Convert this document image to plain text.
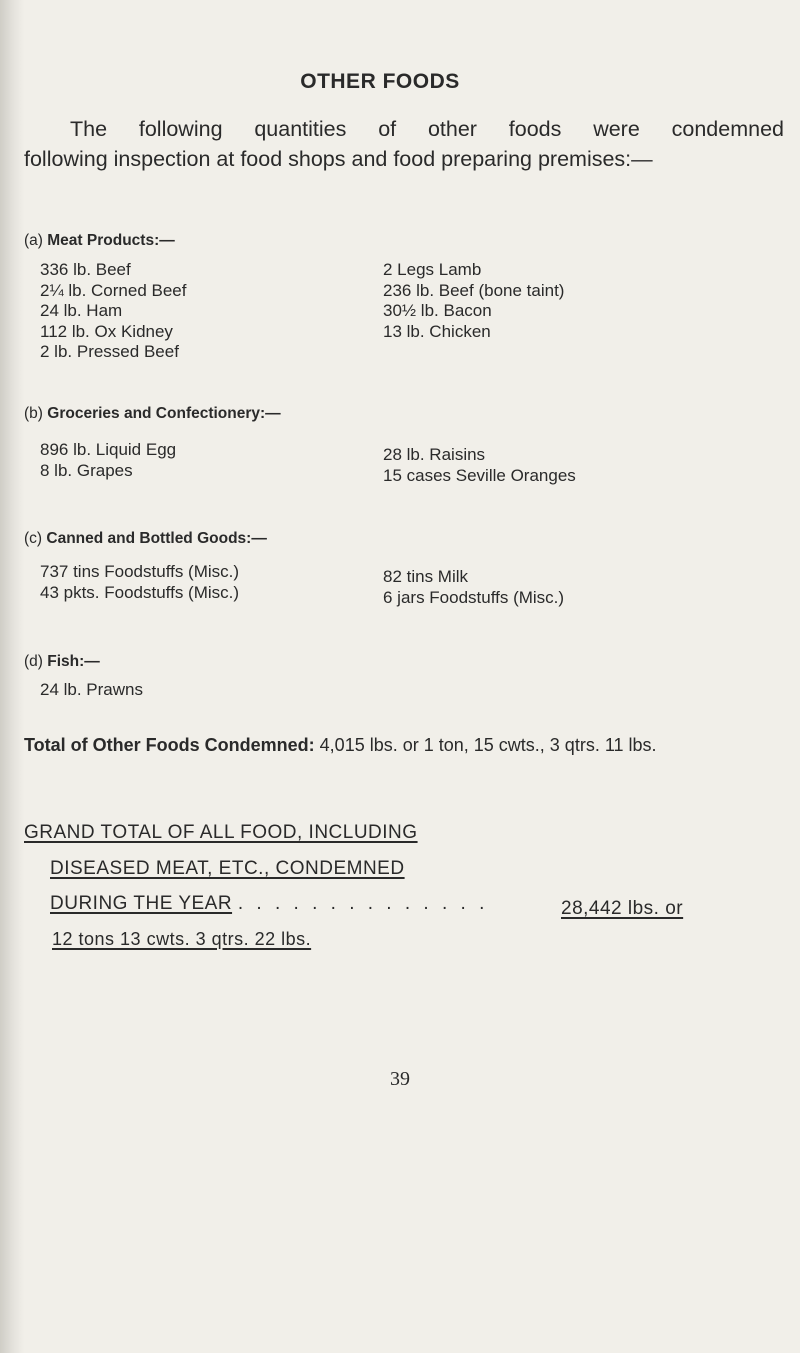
OTHER FOODS
The following quantities of other foods were condemned
following inspection at food shops and food preparing premises:—
(a) Meat Products:—
336 lb. Beef
2¼ lb. Corned Beef
24 lb. Ham
112 lb. Ox Kidney
2 lb. Pressed Beef
2 Legs Lamb
236 lb. Beef (bone taint)
30½ lb. Bacon
13 lb. Chicken
(b) Groceries and Confectionery:—
896 lb. Liquid Egg
8 lb. Grapes
28 lb. Raisins
15 cases Seville Oranges
(c) Canned and Bottled Goods:—
737 tins Foodstuffs (Misc.)
43 pkts. Foodstuffs (Misc.)
82 tins Milk
6 jars Foodstuffs (Misc.)
(d) Fish:—
24 lb. Prawns
Total of Other Foods Condemned: 4,015 lbs. or 1 ton, 15 cwts., 3 qtrs. 11 lbs.
GRAND TOTAL OF ALL FOOD, INCLUDING
DISEASED MEAT, ETC., CONDEMNED
DURING THE YEAR . . . . . . . . . . . . . .	28,442 lbs. or
12 tons 13 cwts. 3 qtrs. 22 lbs.
39
